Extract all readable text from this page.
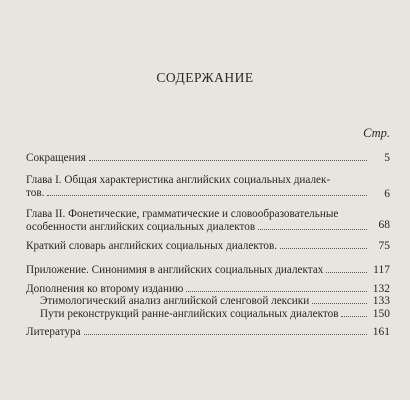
СОДЕРЖАНИЕ
Стр.
Сокращения	5
Глава I. Общая характеристика английских социальных диалек-
тов.	6
Глава II. Фонетические, грамматические и словообразовательные
особенности английских социальных диалектов	68
Краткий словарь английских социальных диалектов.	75
Приложение. Синонимия в английских социальных диалектах	117
Дополнения ко второму изданию	132
Этимологический анализ английской сленговой лексики	133
Пути реконструкций ранне-английских социальных диалектов	150
Литература	161
